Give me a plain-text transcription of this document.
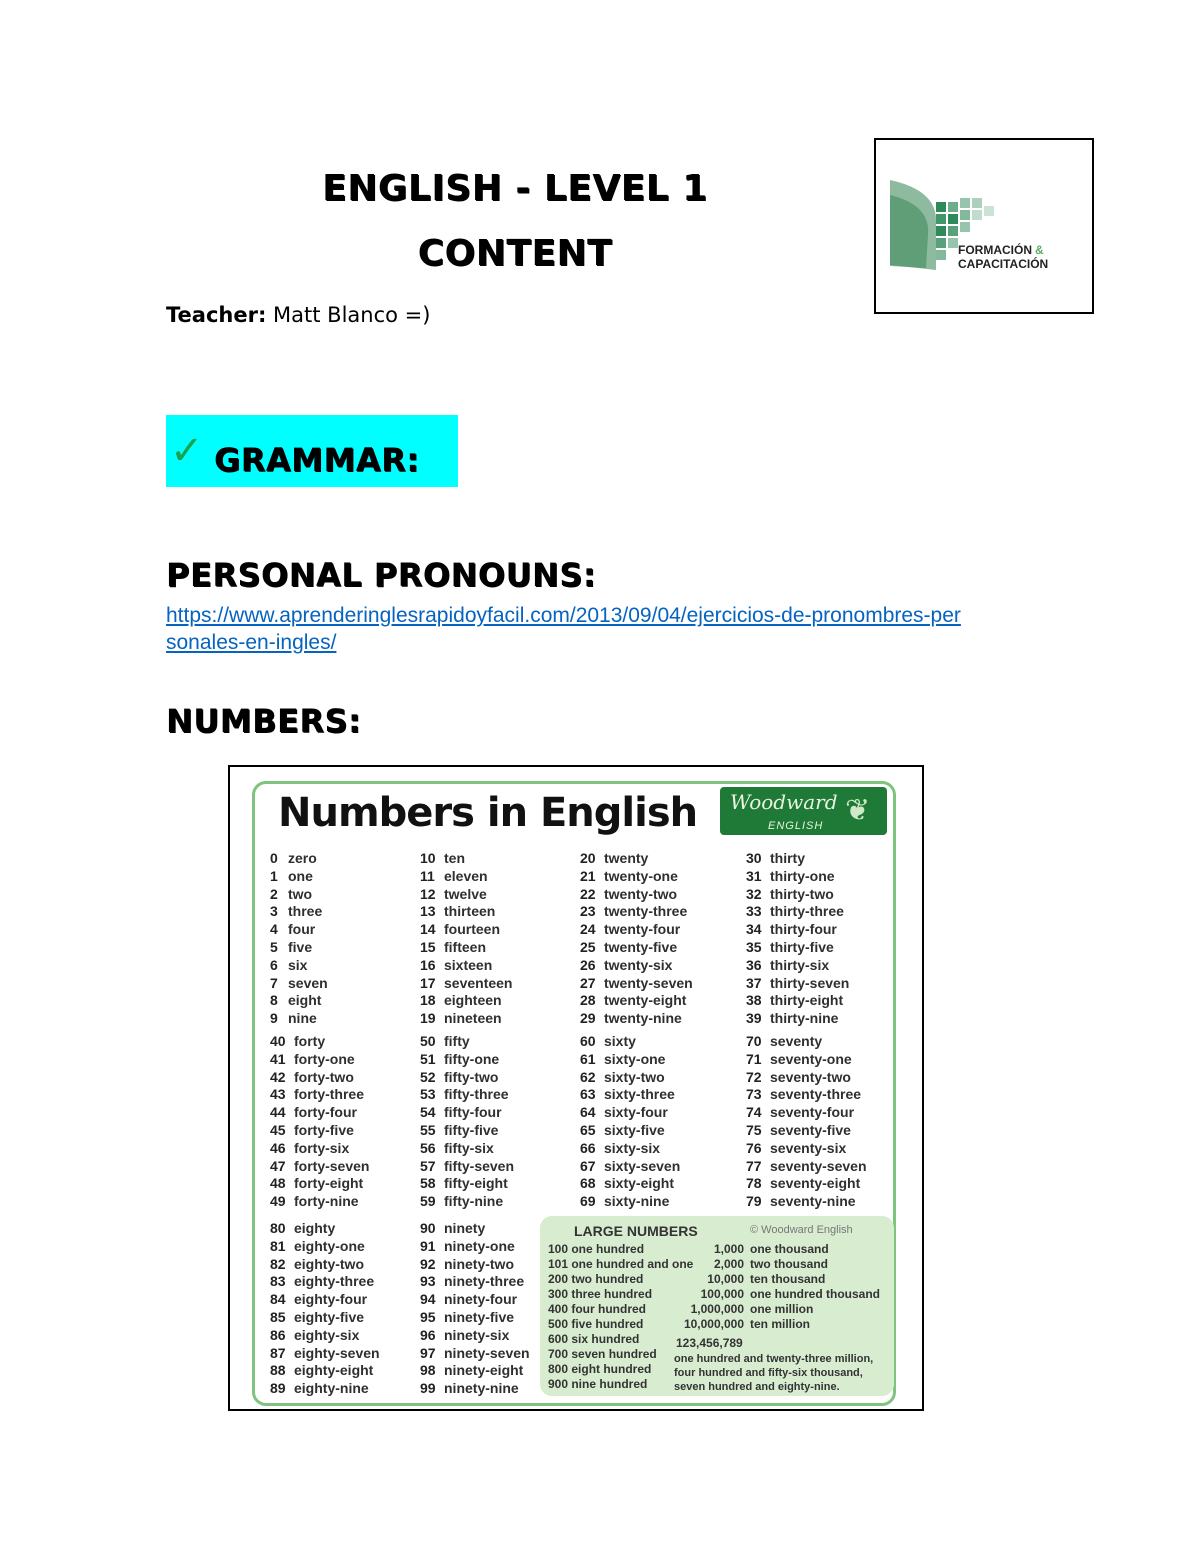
ENGLISH - LEVEL 1
CONTENT
Teacher: Matt Blanco =)
FORMACIÓN &
CAPACITACIÓN
✓ GRAMMAR:
PERSONAL PRONOUNS:
https://www.aprenderinglesrapidoyfacil.com/2013/09/04/ejercicios-de-pronombres-personales-en-ingles/
NUMBERS:
Numbers in English Woodward
ENGLISH ❦
0 zero
1 one
2 two
3 three
4 four
5 five
6 six
7 seven
8 eight
9 nine
10 ten
11 eleven
12 twelve
13 thirteen
14 fourteen
15 fifteen
16 sixteen
17 seventeen
18 eighteen
19 nineteen
20 twenty
21 twenty-one
22 twenty-two
23 twenty-three
24 twenty-four
25 twenty-five
26 twenty-six
27 twenty-seven
28 twenty-eight
29 twenty-nine
30 thirty
31 thirty-one
32 thirty-two
33 thirty-three
34 thirty-four
35 thirty-five
36 thirty-six
37 thirty-seven
38 thirty-eight
39 thirty-nine
40 forty
41 forty-one
42 forty-two
43 forty-three
44 forty-four
45 forty-five
46 forty-six
47 forty-seven
48 forty-eight
49 forty-nine
50 fifty
51 fifty-one
52 fifty-two
53 fifty-three
54 fifty-four
55 fifty-five
56 fifty-six
57 fifty-seven
58 fifty-eight
59 fifty-nine
60 sixty
61 sixty-one
62 sixty-two
63 sixty-three
64 sixty-four
65 sixty-five
66 sixty-six
67 sixty-seven
68 sixty-eight
69 sixty-nine
70 seventy
71 seventy-one
72 seventy-two
73 seventy-three
74 seventy-four
75 seventy-five
76 seventy-six
77 seventy-seven
78 seventy-eight
79 seventy-nine
80 eighty
81 eighty-one
82 eighty-two
83 eighty-three
84 eighty-four
85 eighty-five
86 eighty-six
87 eighty-seven
88 eighty-eight
89 eighty-nine
90 ninety
91 ninety-one
92 ninety-two
93 ninety-three
94 ninety-four
95 ninety-five
96 ninety-six
97 ninety-seven
98 ninety-eight
99 ninety-nine
LARGE NUMBERS	© Woodward English
100 one hundred
101 one hundred and one
200 two hundred
300 three hundred
400 four hundred
500 five hundred
600 six hundred
700 seven hundred
800 eight hundred
900 nine hundred
1,000 one thousand
2,000 two thousand
10,000 ten thousand
100,000 one hundred thousand
1,000,000 one million
10,000,000 ten million
123,456,789
one hundred and twenty-three million, four hundred and fifty-six thousand, seven hundred and eighty-nine.
